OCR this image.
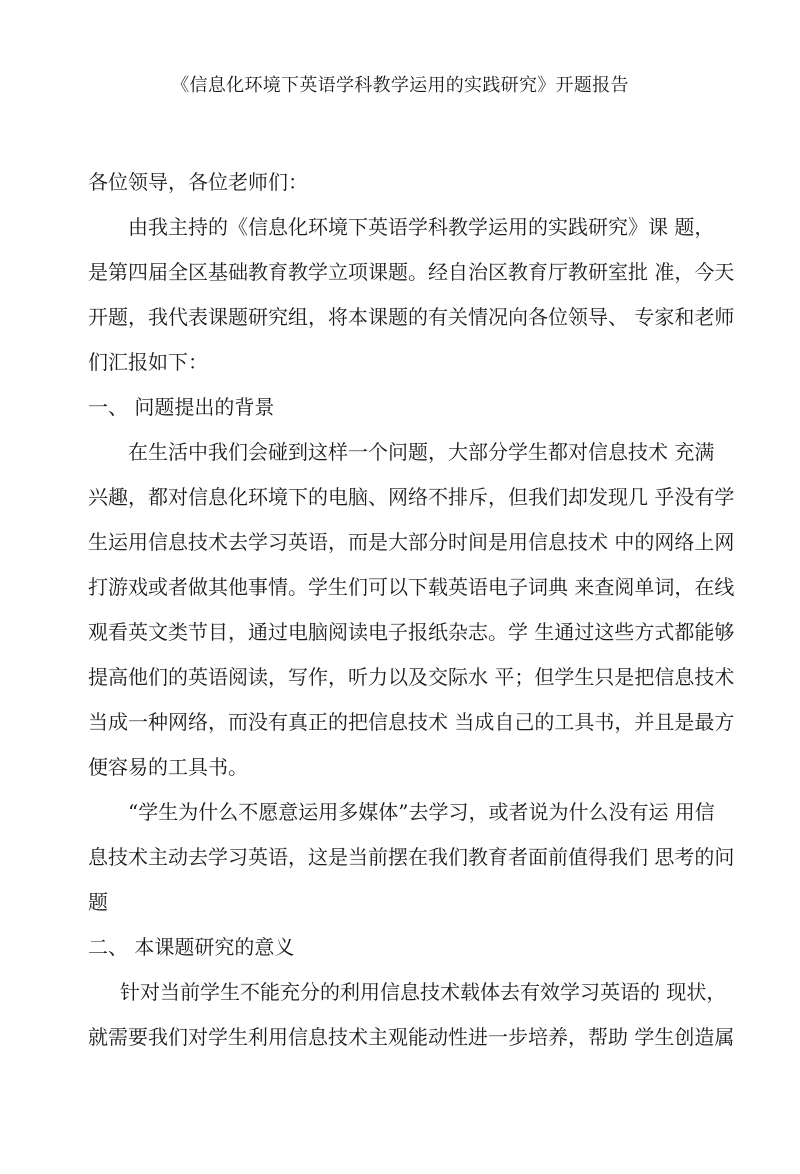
《信息化环境下英语学科教学运用的实践研究》开题报告
各位领导，各位老师们：
由我主持的《信息化环境下英语学科教学运用的实践研究》课 题，
是第四届全区基础教育教学立项课题。经自治区教育厅教研室批 准，今天
开题，我代表课题研究组，将本课题的有关情况向各位领导、 专家和老师
们汇报如下：
一、 问题提出的背景
在生活中我们会碰到这样一个问题，大部分学生都对信息技术 充满
兴趣，都对信息化环境下的电脑、网络不排斥，但我们却发现几 乎没有学
生运用信息技术去学习英语，而是大部分时间是用信息技术 中的网络上网
打游戏或者做其他事情。学生们可以下载英语电子词典 来查阅单词，在线
观看英文类节目，通过电脑阅读电子报纸杂志。学 生通过这些方式都能够
提高他们的英语阅读，写作，听力以及交际水 平；但学生只是把信息技术
当成一种网络，而没有真正的把信息技术 当成自己的工具书，并且是最方
便容易的工具书。
“学生为什么不愿意运用多媒体”去学习，或者说为什么没有运 用信
息技术主动去学习英语，这是当前摆在我们教育者面前值得我们 思考的问
题
二、 本课题研究的意义
针对当前学生不能充分的利用信息技术载体去有效学习英语的 现状，
就需要我们对学生利用信息技术主观能动性进一步培养，帮助 学生创造属
